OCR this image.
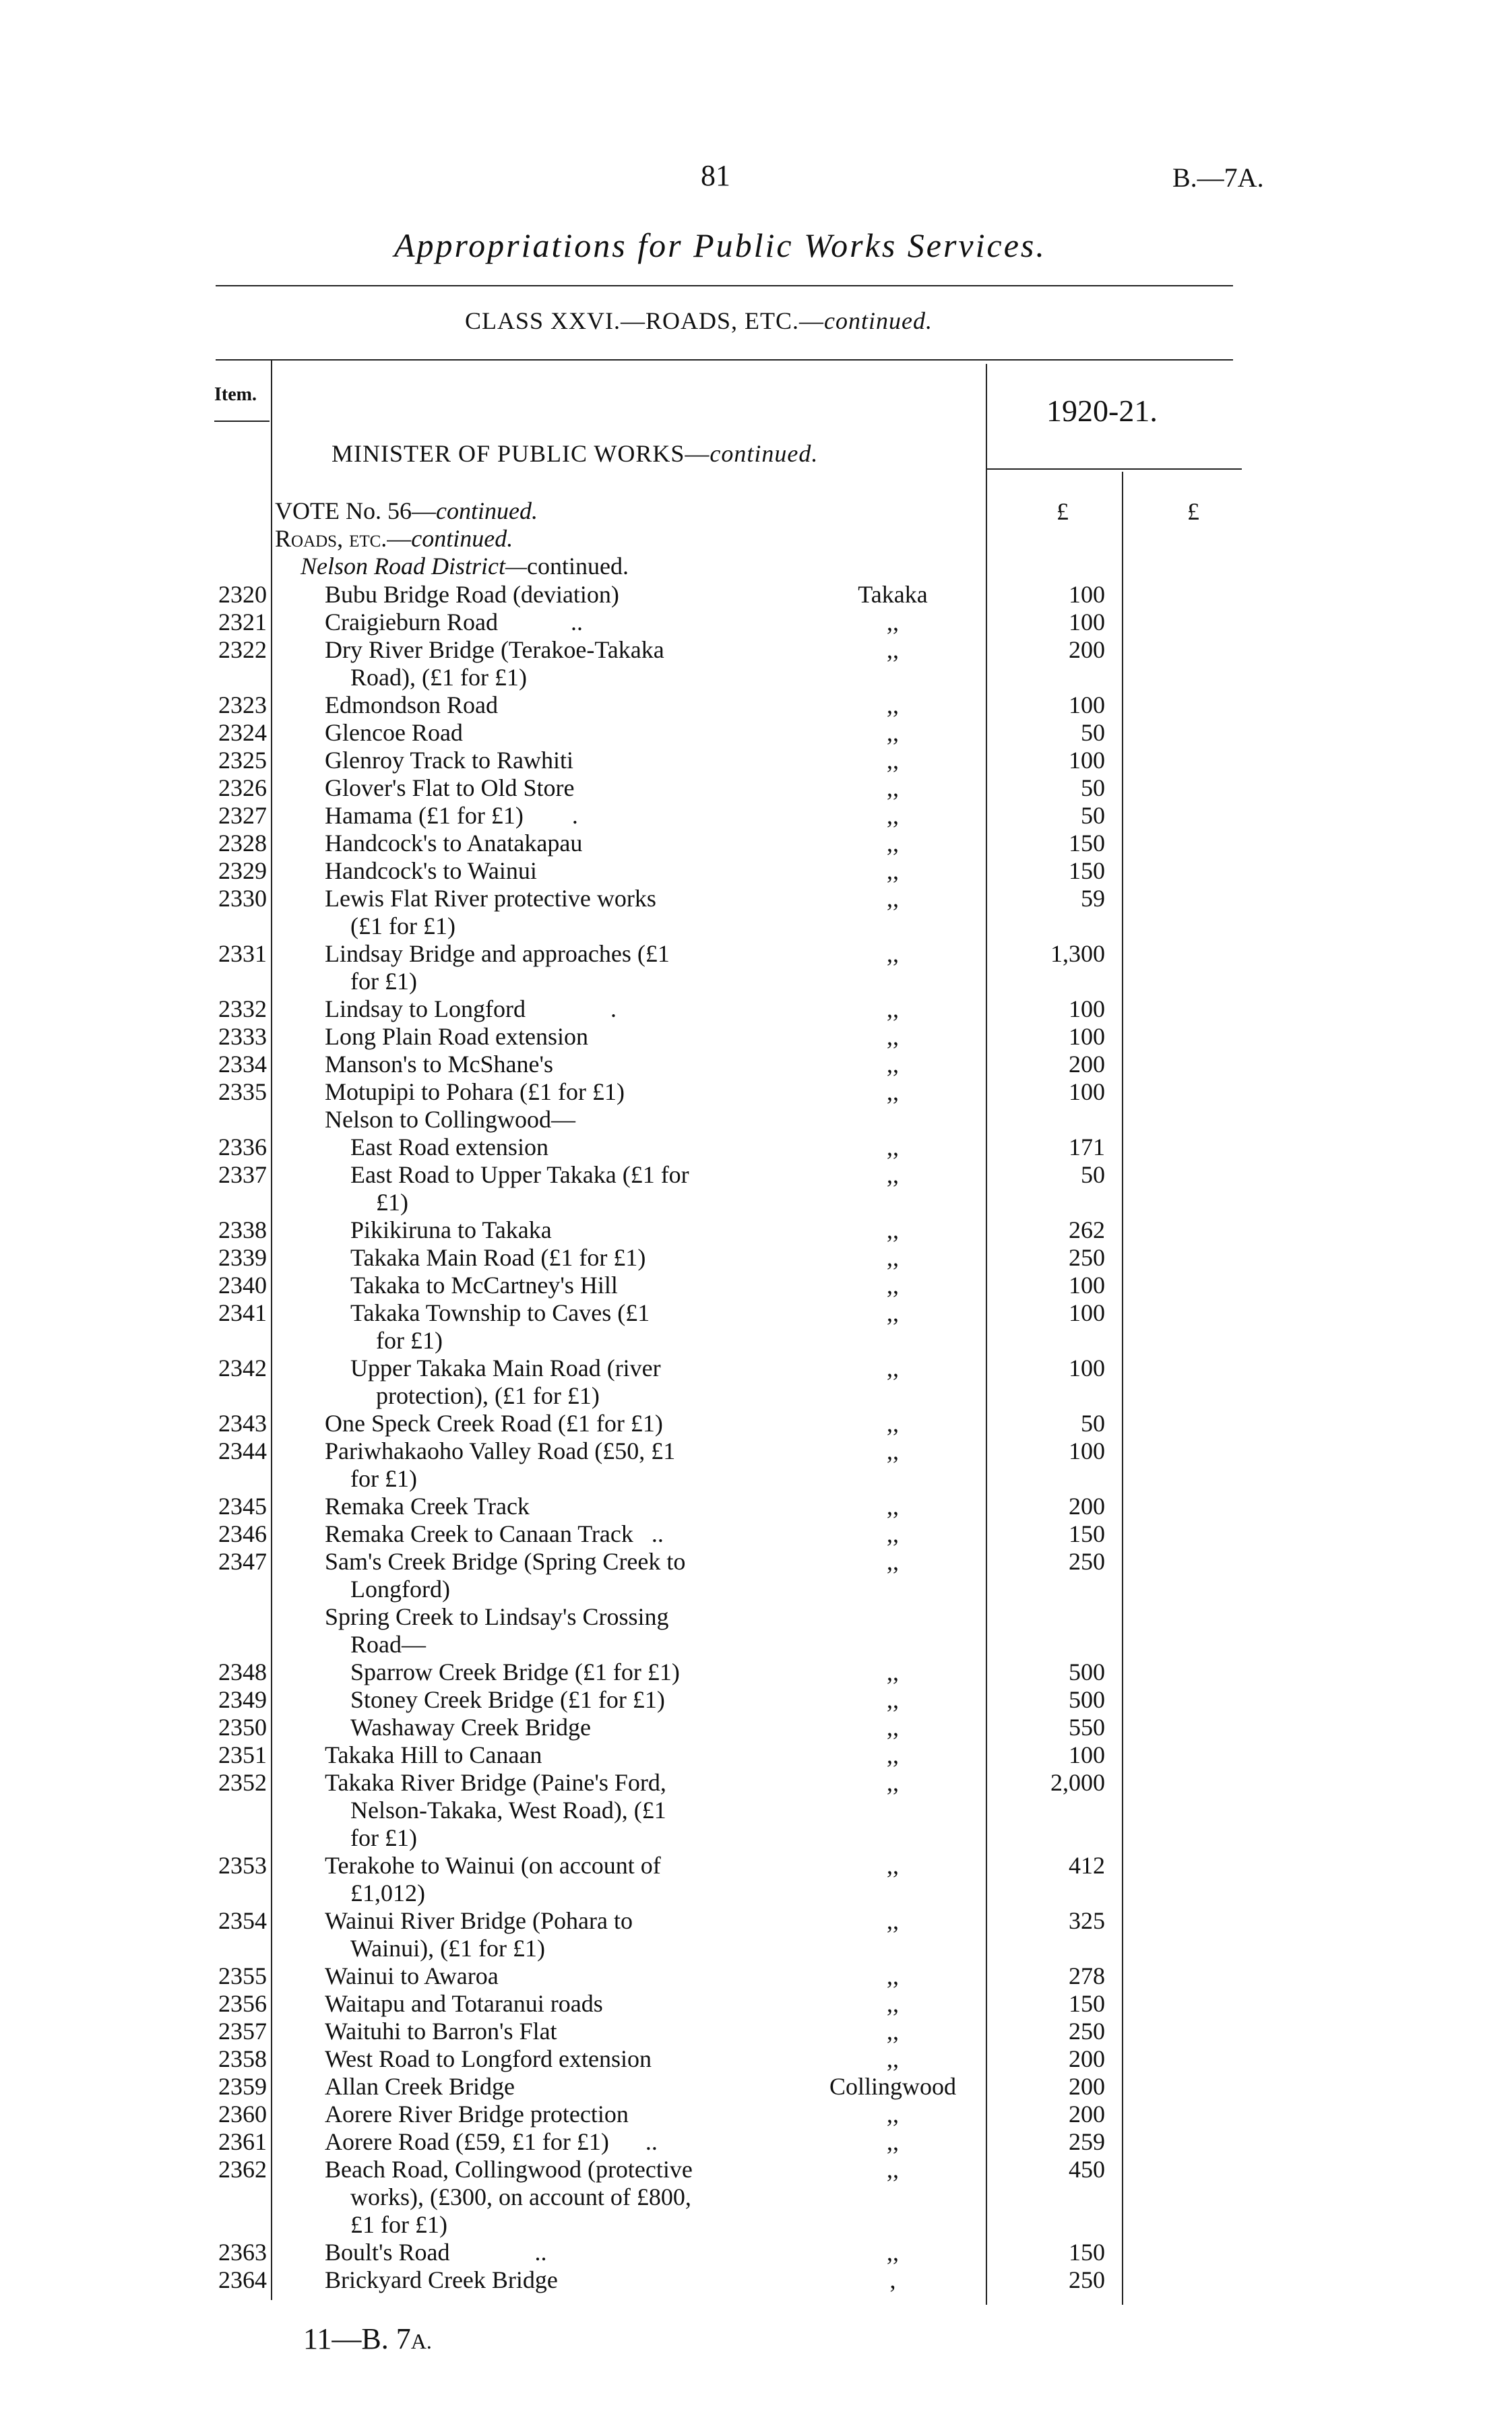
81	B.—7A.
Appropriations for Public Works Services.
CLASS XXVI.—ROADS, ETC.—continued.
Item.	1920-21.
MINISTER OF PUBLIC WORKS—continued.
£	£
VOTE No. 56—continued.
Roads, etc.—continued.
Nelson Road District—continued.
2320 Bubu Bridge Road (deviation)	Takaka	100
2321 Craigieburn Road            ..	,,	100
2322 Dry River Bridge (Terakoe-Takaka
Road), (£1 for £1)
,,	200
2323 Edmondson Road	,,	100
2324 Glencoe Road	,,	50
2325 Glenroy Track to Rawhiti	,,	100
2326 Glover's Flat to Old Store	,,	50
2327 Hamama (£1 for £1)        .	,,	50
2328 Handcock's to Anatakapau	,,	150
2329 Handcock's to Wainui	,,	150
2330 Lewis Flat River protective works
(£1 for £1)
,,	59
2331 Lindsay Bridge and approaches (£1
for £1)
,,	1,300
2332 Lindsay to Longford              .	,,	100
2333 Long Plain Road extension	,,	100
2334 Manson's to McShane's	,,	200
2335 Motupipi to Pohara (£1 for £1)	,,	100
Nelson to Collingwood—
2336	East Road extension	,,	171
2337	East Road to Upper Takaka (£1 for
£1)
,,	50
2338	Pikikiruna to Takaka	,,	262
2339	Takaka Main Road (£1 for £1)	,,	250
2340	Takaka to McCartney's Hill	,,	100
2341	Takaka Township to Caves (£1
for £1)
,,	100
2342	Upper Takaka Main Road (river
protection), (£1 for £1)
,,	100
2343 One Speck Creek Road (£1 for £1)	,,	50
2344 Pariwhakaoho Valley Road (£50, £1
for £1)
,,	100
2345 Remaka Creek Track	,,	200
2346 Remaka Creek to Canaan Track   ..	,,	150
2347 Sam's Creek Bridge (Spring Creek to
Longford)
,,	250
Spring Creek to Lindsay's Crossing
Road—
2348	Sparrow Creek Bridge (£1 for £1)	,,	500
2349	Stoney Creek Bridge (£1 for £1)	,,	500
2350	Washaway Creek Bridge	,,	550
2351 Takaka Hill to Canaan	,,	100
2352 Takaka River Bridge (Paine's Ford,
Nelson-Takaka, West Road), (£1
for £1)
,,	2,000
2353 Terakohe to Wainui (on account of
£1,012)
,,	412
2354 Wainui River Bridge (Pohara to
Wainui), (£1 for £1)
,,	325
2355 Wainui to Awaroa	,,	278
2356 Waitapu and Totaranui roads	,,	150
2357 Waituhi to Barron's Flat	,,	250
2358 West Road to Longford extension	,,	200
2359 Allan Creek Bridge	Collingwood	200
2360 Aorere River Bridge protection	,,	200
2361 Aorere Road (£59, £1 for £1)      ..	,,	259
2362 Beach Road, Collingwood (protective
works), (£300, on account of £800,
£1 for £1)
,,	450
2363 Boult's Road              ..	,,	150
2364 Brickyard Creek Bridge	,	250
11—B. 7A.
